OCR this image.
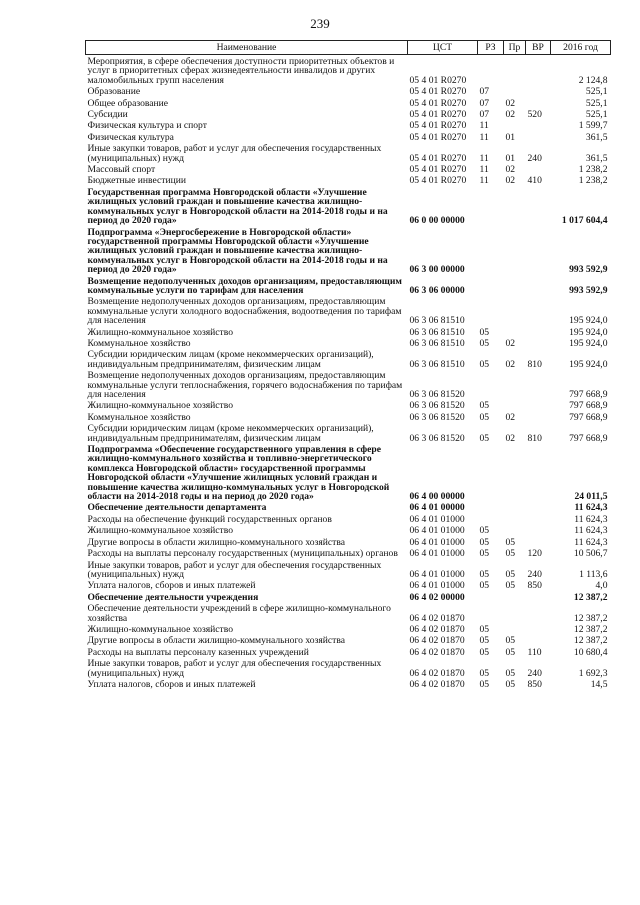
239
Наименование	ЦСТ	РЗ	Пр	ВР	2016 год
Мероприятия, в сфере обеспечения доступности приоритетных объектов и услуг в приоритетных сферах жизнедеятельности инвалидов и других маломобильных групп населения	05 4 01 R0270				2 124,8
Образование	05 4 01 R0270	07			525,1
Общее образование	05 4 01 R0270	07	02		525,1
Субсидии	05 4 01 R0270	07	02	520	525,1
Физическая культура и спорт	05 4 01 R0270	11			1 599,7
Физическая культура	05 4 01 R0270	11	01		361,5
Иные закупки товаров, работ и услуг для обеспечения государственных (муниципальных) нужд	05 4 01 R0270	11	01	240	361,5
Массовый спорт	05 4 01 R0270	11	02		1 238,2
Бюджетные инвестиции	05 4 01 R0270	11	02	410	1 238,2
Государственная программа Новгородской области «Улучшение жилищных условий граждан и повышение качества жилищно-коммунальных услуг в Новгородской области на 2014-2018 годы и на период до 2020 года»	06 0 00 00000				1 017 604,4
Подпрограмма «Энергосбережение в Новгородской области» государственной программы Новгородской области «Улучшение жилищных условий граждан и повышение качества жилищно-коммунальных услуг в Новгородской области на 2014-2018 годы и на период до 2020 года»	06 3 00 00000				993 592,9
Возмещение недополученных доходов организациям, предоставляющим коммунальные услуги по тарифам для населения	06 3 06 00000				993 592,9
Возмещение недополученных доходов организациям, предоставляющим коммунальные услуги холодного водоснабжения, водоотведения по тарифам для населения	06 3 06 81510				195 924,0
Жилищно-коммунальное хозяйство	06 3 06 81510	05			195 924,0
Коммунальное хозяйство	06 3 06 81510	05	02		195 924,0
Субсидии юридическим лицам (кроме некоммерческих организаций), индивидуальным предпринимателям, физическим лицам	06 3 06 81510	05	02	810	195 924,0
Возмещение недополученных доходов организациям, предоставляющим коммунальные услуги теплоснабжения, горячего водоснабжения по тарифам для населения	06 3 06 81520				797 668,9
Жилищно-коммунальное хозяйство	06 3 06 81520	05			797 668,9
Коммунальное хозяйство	06 3 06 81520	05	02		797 668,9
Субсидии юридическим лицам (кроме некоммерческих организаций), индивидуальным предпринимателям, физическим лицам	06 3 06 81520	05	02	810	797 668,9
Подпрограмма «Обеспечение государственного управления в сфере жилищно-коммунального хозяйства и топливно-энергетического комплекса Новгородской области» государственной программы Новгородской области «Улучшение жилищных условий граждан и повышение качества жилищно-коммунальных услуг в Новгородской области на 2014-2018 годы и на период до 2020 года»	06 4 00 00000				24 011,5
Обеспечение деятельности департамента	06 4 01 00000				11 624,3
Расходы на обеспечение функций государственных органов	06 4 01 01000				11 624,3
Жилищно-коммунальное хозяйство	06 4 01 01000	05			11 624,3
Другие вопросы в области жилищно-коммунального хозяйства	06 4 01 01000	05	05		11 624,3
Расходы на выплаты персоналу государственных (муниципальных) органов	06 4 01 01000	05	05	120	10 506,7
Иные закупки товаров, работ и услуг для обеспечения государственных (муниципальных) нужд	06 4 01 01000	05	05	240	1 113,6
Уплата налогов, сборов и иных платежей	06 4 01 01000	05	05	850	4,0
Обеспечение деятельности учреждения	06 4 02 00000				12 387,2
Обеспечение деятельности учреждений в сфере жилищно-коммунального хозяйства	06 4 02 01870				12 387,2
Жилищно-коммунальное хозяйство	06 4 02 01870	05			12 387,2
Другие вопросы в области жилищно-коммунального хозяйства	06 4 02 01870	05	05		12 387,2
Расходы на выплаты персоналу казенных учреждений	06 4 02 01870	05	05	110	10 680,4
Иные закупки товаров, работ и услуг для обеспечения государственных (муниципальных) нужд	06 4 02 01870	05	05	240	1 692,3
Уплата налогов, сборов и иных платежей	06 4 02 01870	05	05	850	14,5
